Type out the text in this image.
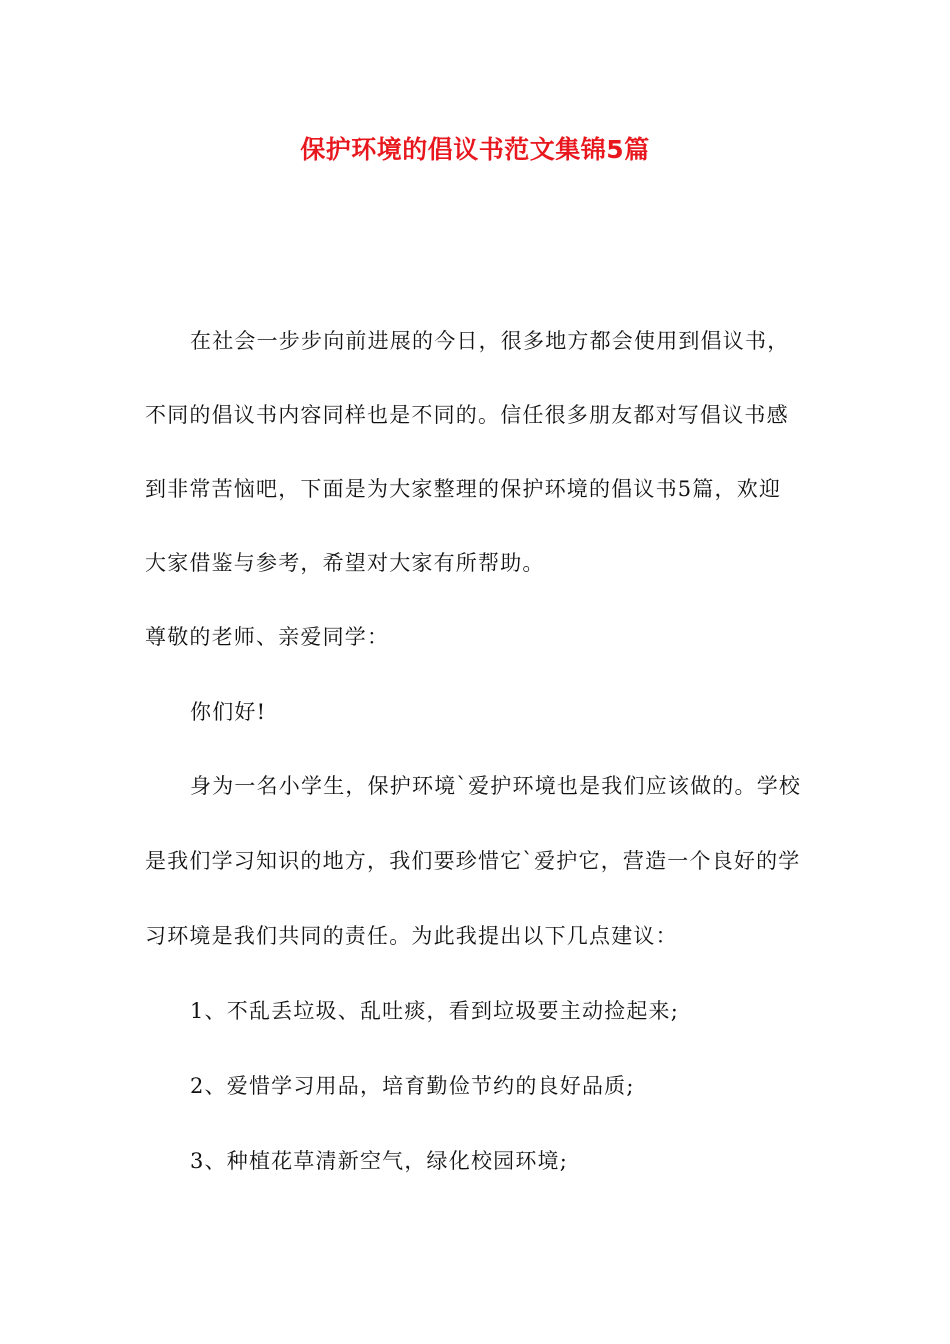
保护环境的倡议书范文集锦5篇
在社会一步步向前进展的今日，很多地方都会使用到倡议书，
不同的倡议书内容同样也是不同的。信任很多朋友都对写倡议书感
到非常苦恼吧，下面是为大家整理的保护环境的倡议书5篇，欢迎
大家借鉴与参考，希望对大家有所帮助。
尊敬的老师、亲爱同学：
你们好!
身为一名小学生，保护环境`爱护环境也是我们应该做的。学校
是我们学习知识的地方，我们要珍惜它`爱护它，营造一个良好的学
习环境是我们共同的责任。为此我提出以下几点建议：
1、不乱丢垃圾、乱吐痰，看到垃圾要主动捡起来;
2、爱惜学习用品，培育勤俭节约的良好品质;
3、种植花草清新空气，绿化校园环境;
